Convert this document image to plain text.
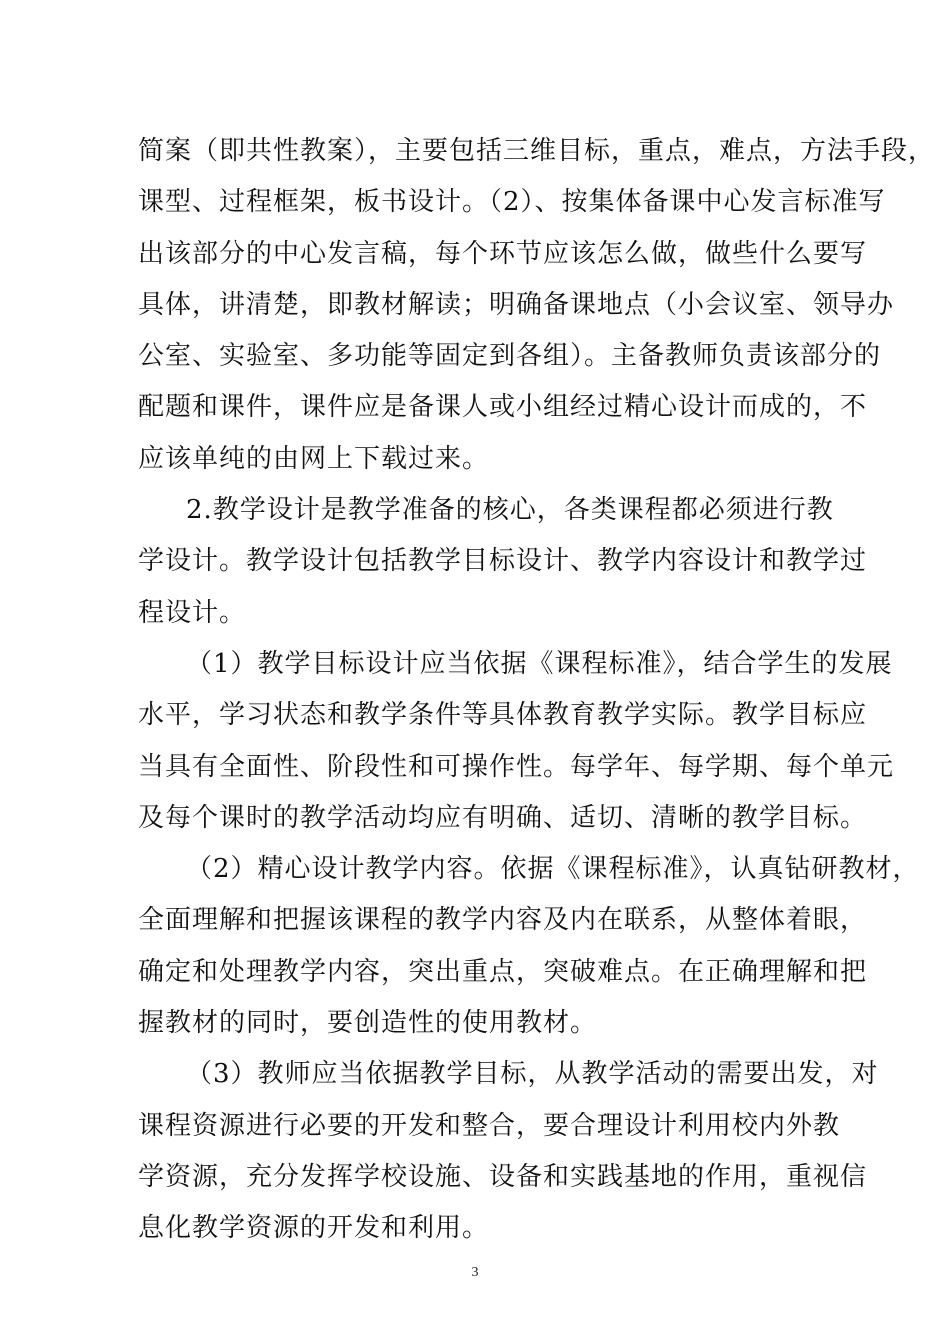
简案（即共性教案），主要包括三维目标，重点，难点，方法手段，
课型、过程框架，板书设计。（2）、按集体备课中心发言标准写
出该部分的中心发言稿，每个环节应该怎么做，做些什么要写
具体，讲清楚，即教材解读；明确备课地点（小会议室、领导办
公室、实验室、多功能等固定到各组）。主备教师负责该部分的
配题和课件，课件应是备课人或小组经过精心设计而成的，不
应该单纯的由网上下载过来。
2.教学设计是教学准备的核心，各类课程都必须进行教
学设计。教学设计包括教学目标设计、教学内容设计和教学过
程设计。
（1）教学目标设计应当依据《课程标准》，结合学生的发展
水平，学习状态和教学条件等具体教育教学实际。教学目标应
当具有全面性、阶段性和可操作性。每学年、每学期、每个单元
及每个课时的教学活动均应有明确、适切、清晰的教学目标。
（2）精心设计教学内容。依据《课程标准》，认真钻研教材，
全面理解和把握该课程的教学内容及内在联系，从整体着眼，
确定和处理教学内容，突出重点，突破难点。在正确理解和把
握教材的同时，要创造性的使用教材。
（3）教师应当依据教学目标，从教学活动的需要出发，对
课程资源进行必要的开发和整合，要合理设计利用校内外教
学资源，充分发挥学校设施、设备和实践基地的作用，重视信
息化教学资源的开发和利用。
3
